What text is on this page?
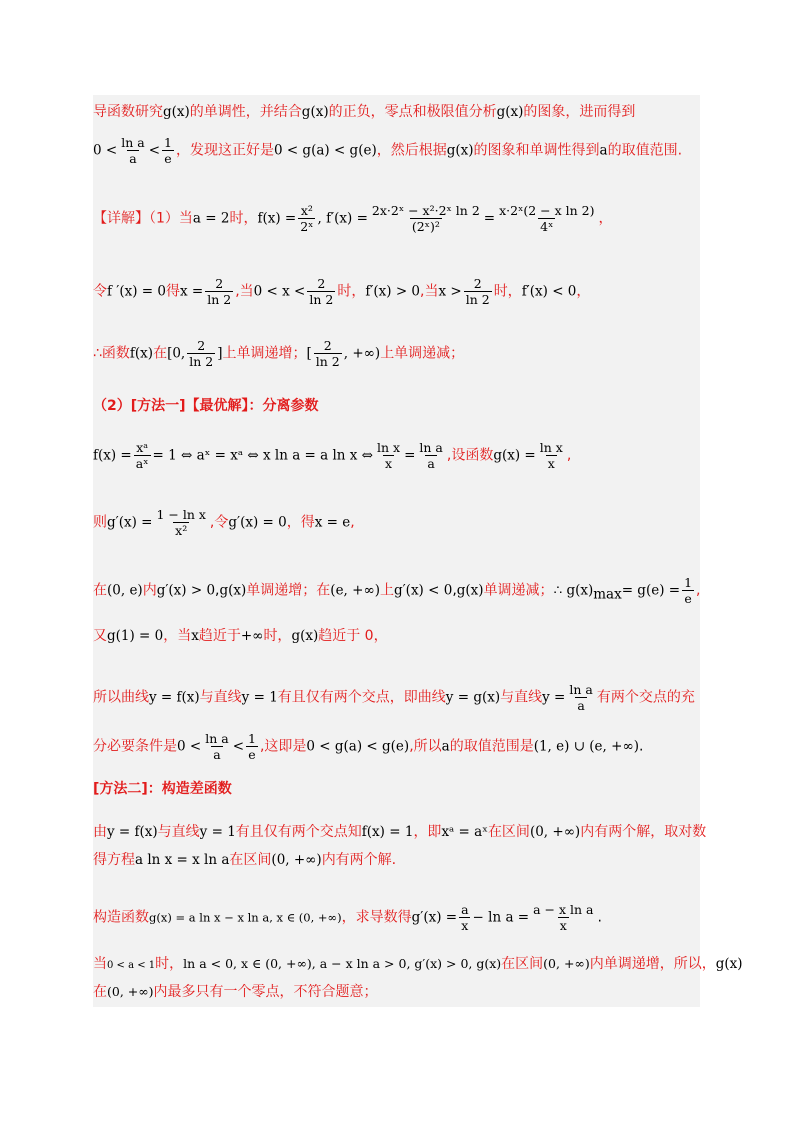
导函数研究g(x)的单调性，并结合g(x)的正负，零点和极限值分析g(x)的图象，进而得到
$0 < \frac{\text{ln a}}{a} < \frac{1}{e}$ ，发现这正好是0 < g(a) < g(e)，然后根据g(x)的图象和单调性得到a的取值范围.
【详解】（1）当a = 2时，$f(x) = \frac{\text{x²}}{\text{2ˣ}}$ , $f'(x) = \frac{\text{2x·2ˣ − x²·2ˣ ln 2}}{\text{(2ˣ)²}} = \frac{\text{x·2ˣ(2 − x ln 2)}}{\text{4ˣ}}$ ，
令f ′(x) = 0得$x = \frac{2}{\ln 2}$ ,当$0 < x < \frac{2}{\ln 2}$ 时，f′(x) > 0,当$x > \frac{2}{\ln 2}$ 时，f′(x) < 0，
∴函数f(x)在[0, $\frac{2}{\ln 2}$ ]上单调递增；[ $\frac{2}{\ln 2}$ , +∞)上单调递减；
（2）[方法一]【最优解】：分离参数
$f(x) = \frac{\text{xᵃ}}{\text{aˣ}} = 1$ ⇔ aˣ = xᵃ ⇔ x ln a = a ln x ⇔ $\frac{\text{ln x}}{x} = \frac{\text{ln a}}{a}$ ,设函数$g(x) = \frac{\text{ln x}}{x}$ ,
则$g'(x) = \frac{\text{1 − ln x}}{\text{x²}}$ ,令g′(x) = 0，得x = e,
在(0, e)内g′(x) > 0,g(x)单调递增；在(e, +∞)上g′(x) < 0,g(x)单调递减；∴ $g(x)_{max}= g(e) = \frac{1}{e}$ ,
又g(1) = 0，当x趋近于+∞时，g(x)趋近于 0，
所以曲线y = f(x)与直线y = 1有且仅有两个交点，即曲线y = g(x)与直线$y = \frac{\text{ln a}}{a}$ 有两个交点的充
分必要条件是$0 < \frac{\text{ln a}}{a} < \frac{1}{e}$ ,这即是0 < g(a) < g(e),所以a的取值范围是(1, e) ∪ (e, +∞).
[方法二]：构造差函数
由y = f(x)与直线y = 1有且仅有两个交点知f(x) = 1，即xᵃ = aˣ在区间(0, +∞)内有两个解，取对数
得方程a ln x = x ln a在区间(0, +∞)内有两个解.
构造函数g(x) = a ln x − x ln a, x ∈ (0, +∞)，求导数得$g'(x) = \frac{a}{x} - \ln a = \frac{\text{a − x ln a}}{x}$ .
当0 < a < 1时，ln a < 0, x ∈ (0, +∞), a − x ln a > 0, g′(x) > 0, g(x)在区间(0, +∞)内单调递增，所以，g(x)
在(0, +∞)内最多只有一个零点，不符合题意；
